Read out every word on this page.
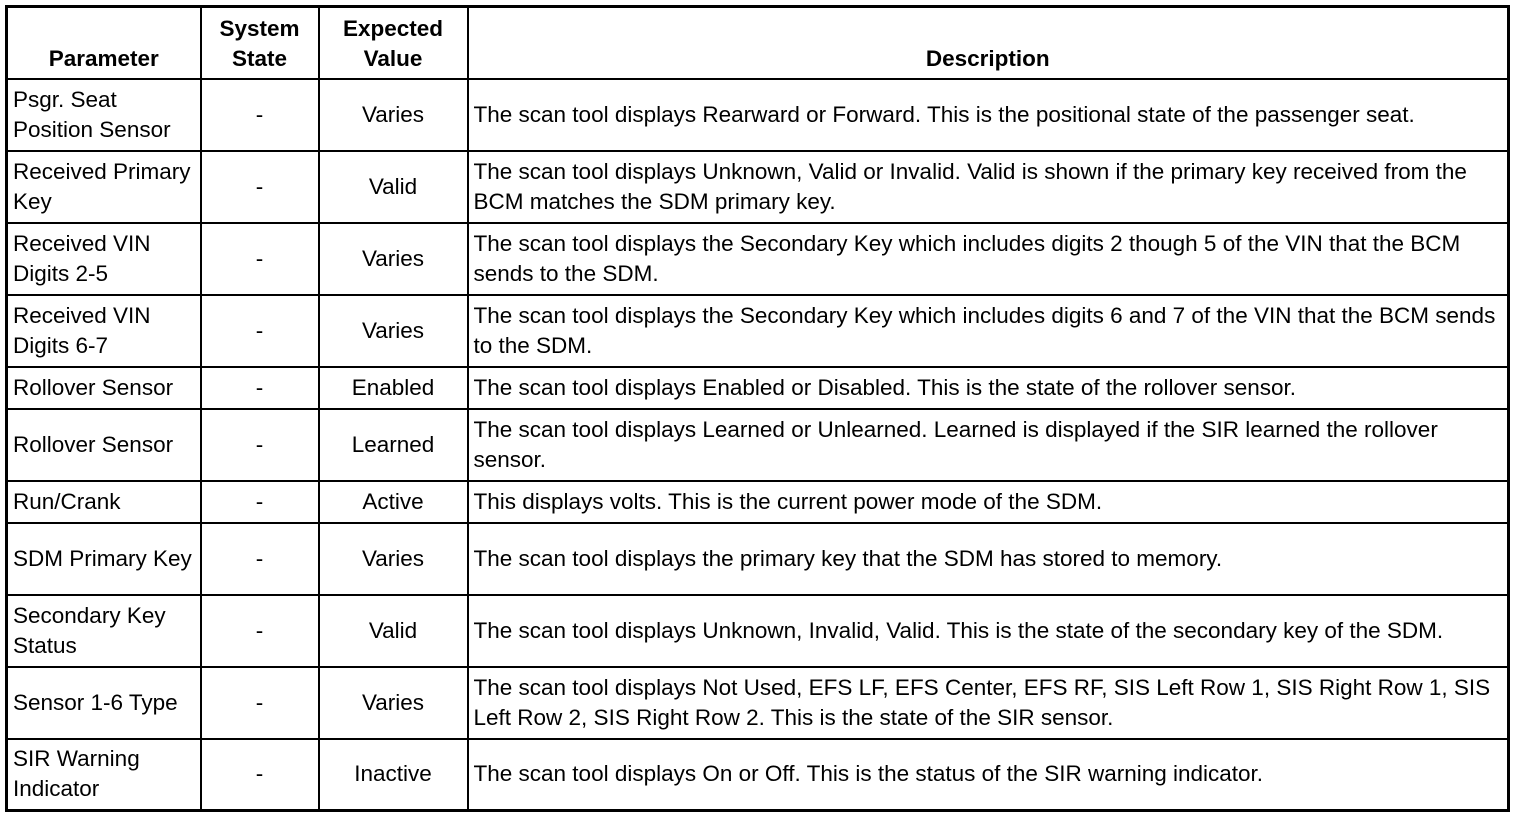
Parameter	System State	Expected Value	Description
Psgr. Seat Position Sensor	-	Varies	The scan tool displays Rearward or Forward. This is the positional state of the passenger seat.
Received Primary Key	-	Valid	The scan tool displays Unknown, Valid or Invalid. Valid is shown if the primary key received from the BCM matches the SDM primary key.
Received VIN Digits 2-5	-	Varies	The scan tool displays the Secondary Key which includes digits 2 though 5 of the VIN that the BCM sends to the SDM.
Received VIN Digits 6-7	-	Varies	The scan tool displays the Secondary Key which includes digits 6 and 7 of the VIN that the BCM sends to the SDM.
Rollover Sensor	-	Enabled	The scan tool displays Enabled or Disabled. This is the state of the rollover sensor.
Rollover Sensor	-	Learned	The scan tool displays Learned or Unlearned. Learned is displayed if the SIR learned the rollover sensor.
Run/Crank	-	Active	This displays volts. This is the current power mode of the SDM.
SDM Primary Key	-	Varies	The scan tool displays the primary key that the SDM has stored to memory.
Secondary Key Status	-	Valid	The scan tool displays Unknown, Invalid, Valid. This is the state of the secondary key of the SDM.
Sensor 1-6 Type	-	Varies	The scan tool displays Not Used, EFS LF, EFS Center, EFS RF, SIS Left Row 1, SIS Right Row 1, SIS Left Row 2, SIS Right Row 2. This is the state of the SIR sensor.
SIR Warning Indicator	-	Inactive	The scan tool displays On or Off. This is the status of the SIR warning indicator.
